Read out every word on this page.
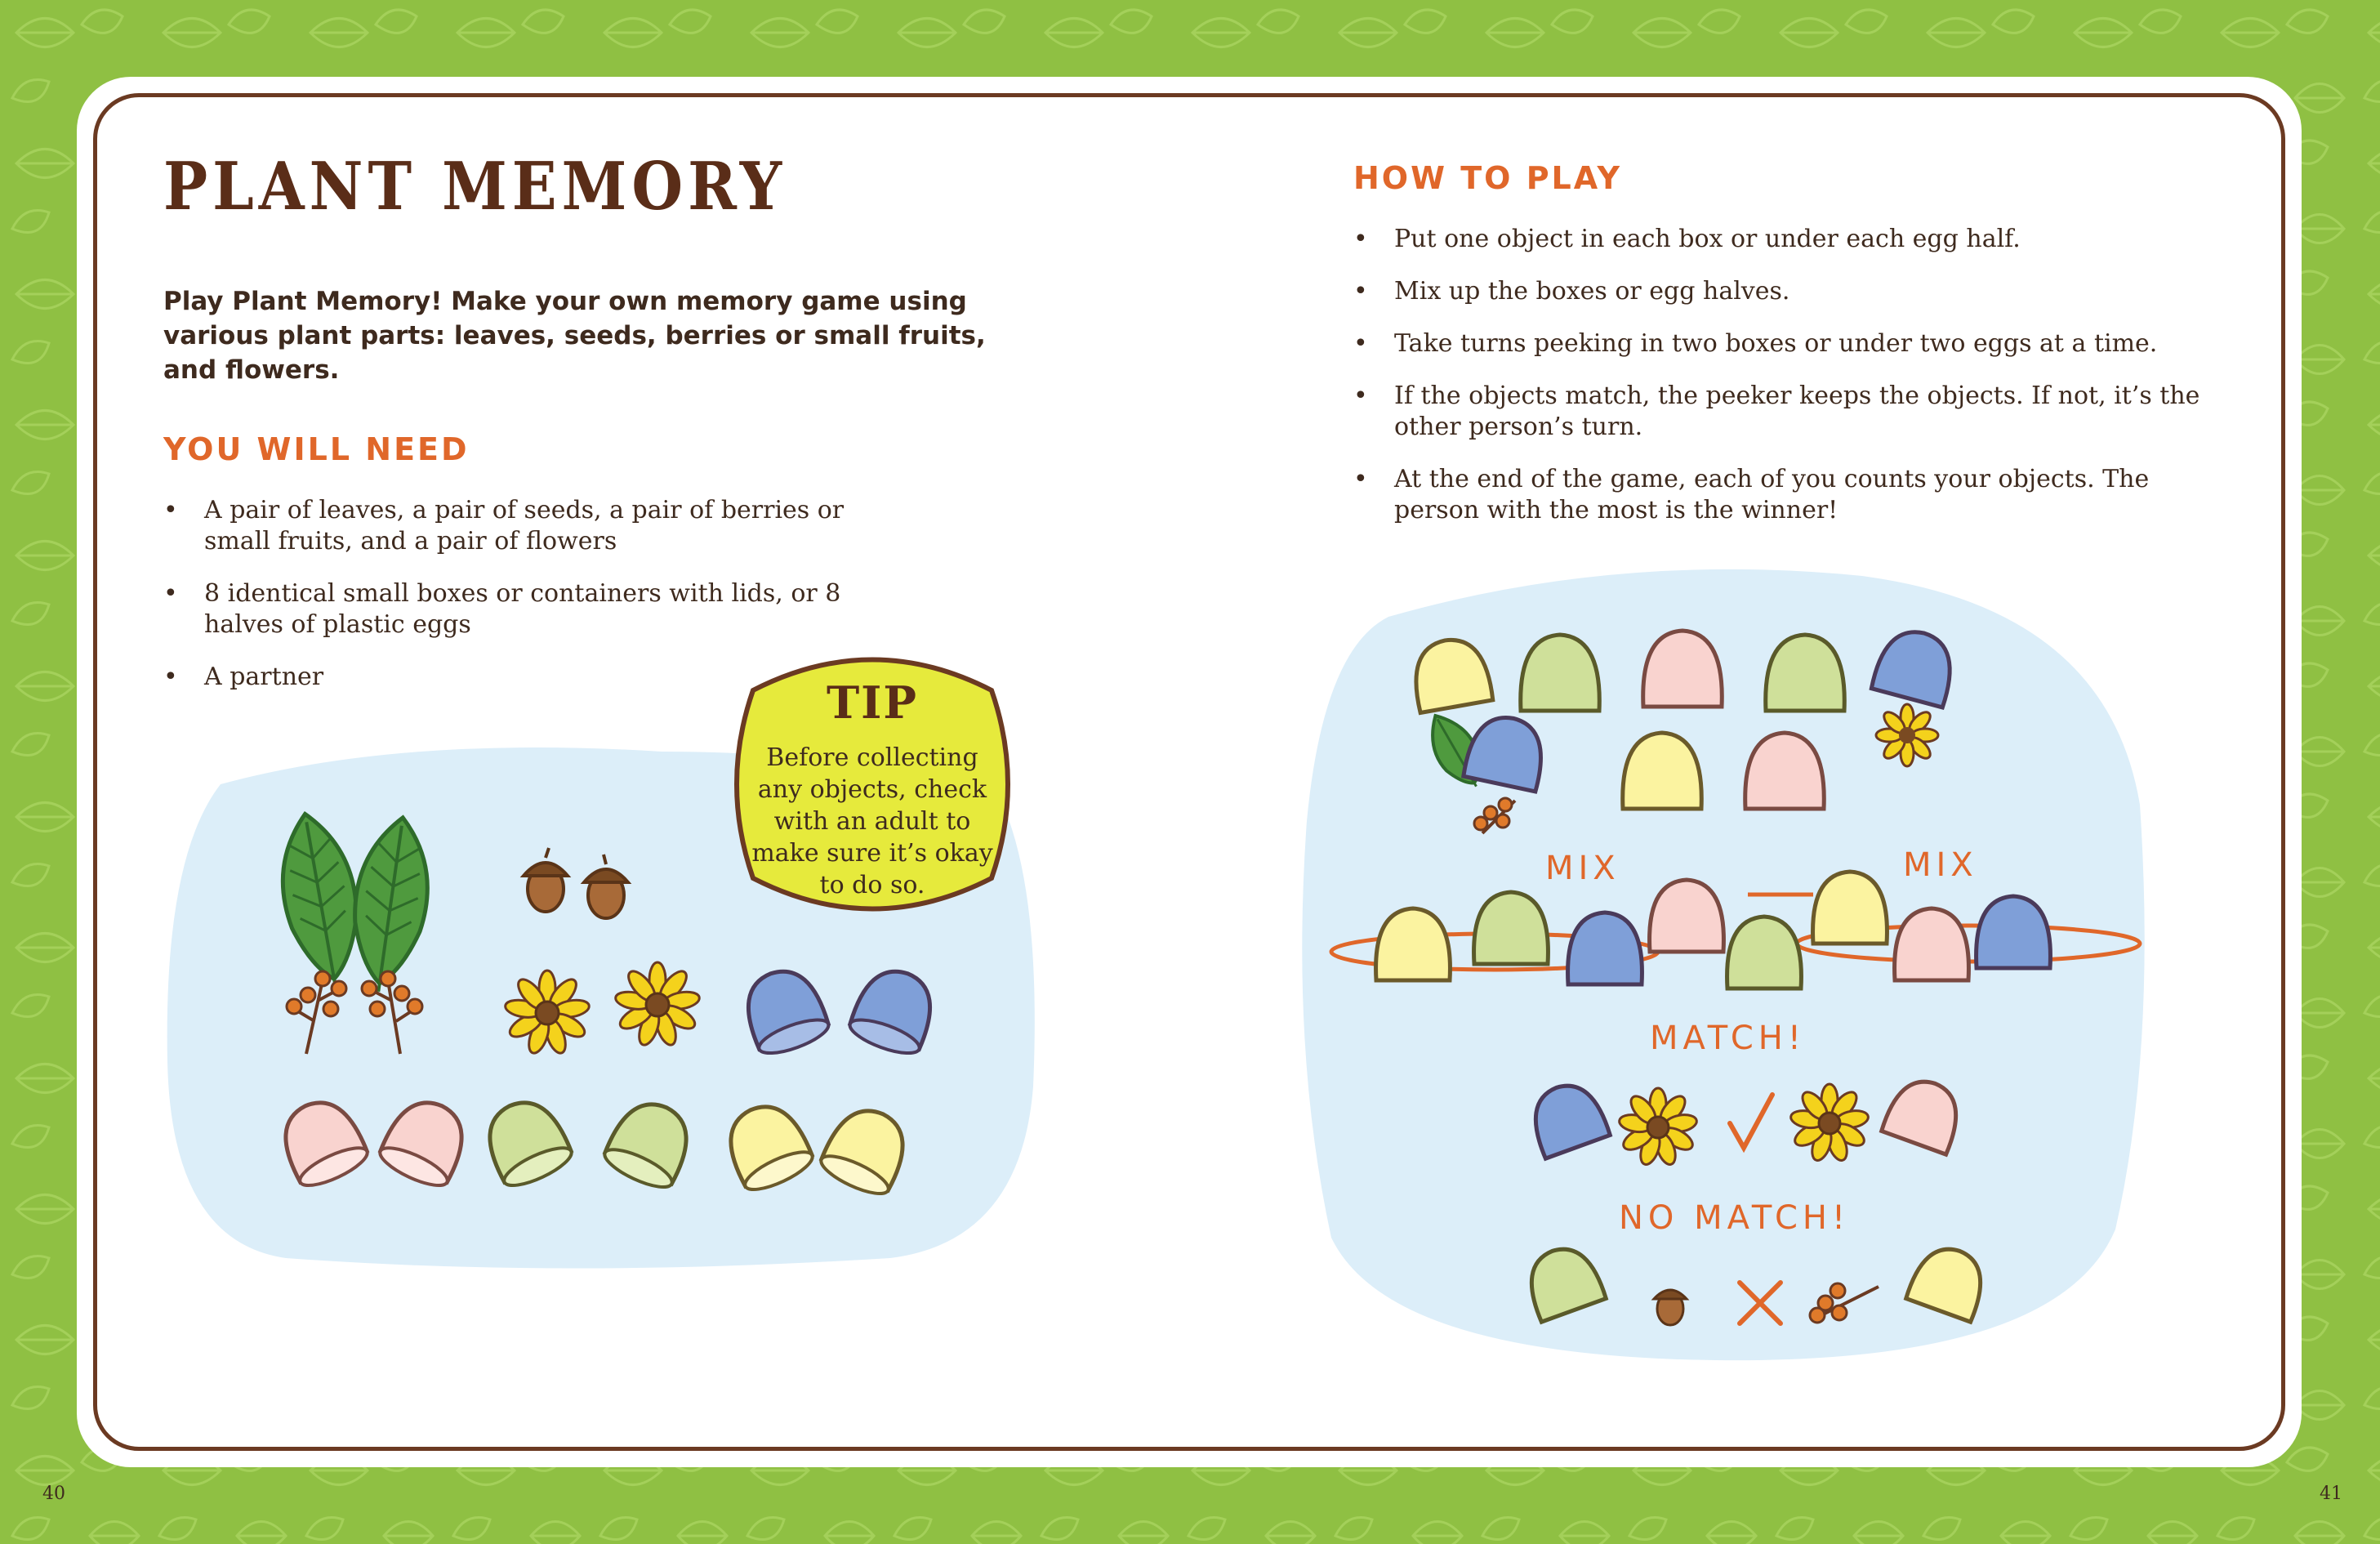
PLANT MEMORY

Play Plant Memory! Make your own memory game using various plant parts: leaves, seeds, berries or small fruits, and flowers.

YOU WILL NEED
• A pair of leaves, a pair of seeds, a pair of berries or small fruits, and a pair of flowers
• 8 identical small boxes or containers with lids, or 8 halves of plastic eggs
• A partner	TIP
Before collecting any objects, check with an adult to make sure it’s okay to do so.
HOW TO PLAY
• Put one object in each box or under each egg half.
• Mix up the boxes or egg halves.
• Take turns peeking in two boxes or under two eggs at a time.
• If the objects match, the peeker keeps the objects. If not, it’s the other person’s turn.
• At the end of the game, each of you counts your objects. The person with the most is the winner!
MIX	MIX
MATCH!
NO MATCH!
40	41
